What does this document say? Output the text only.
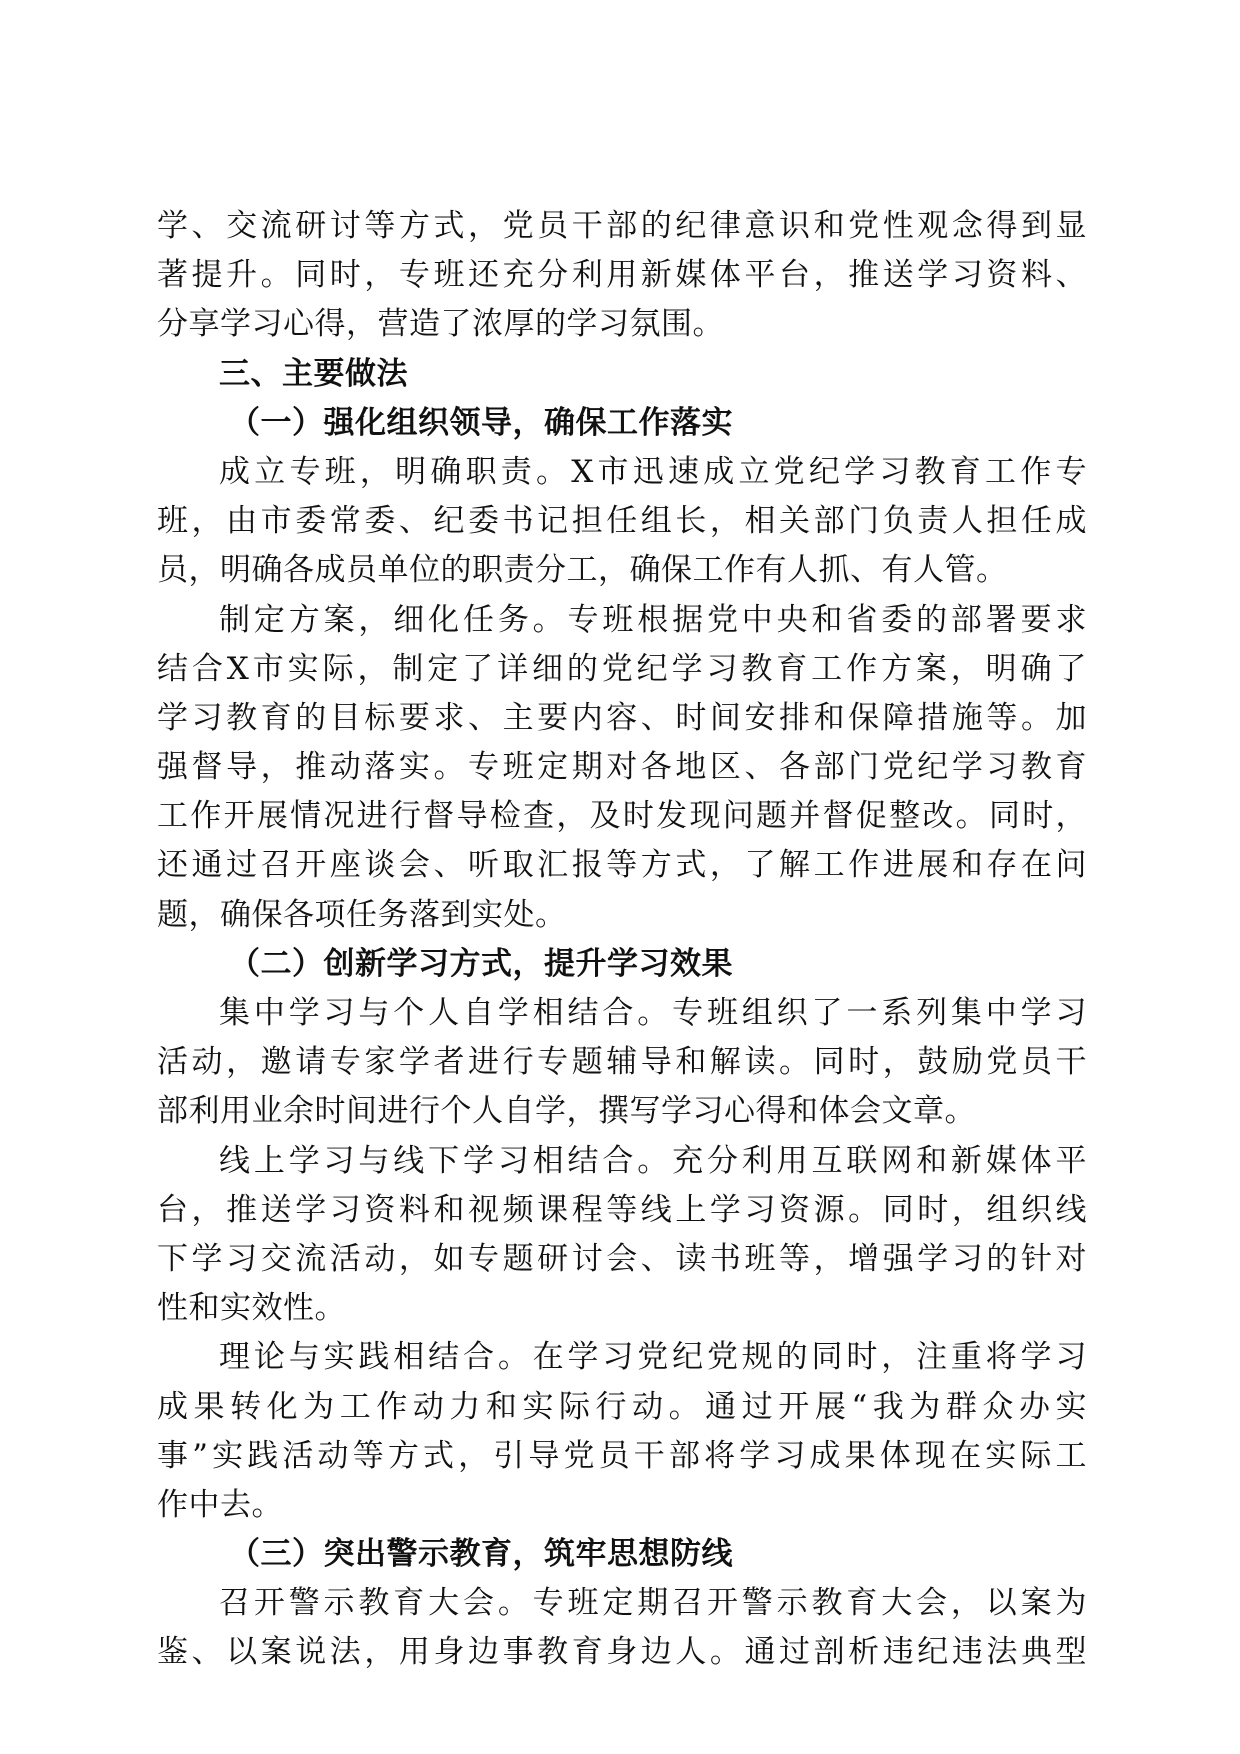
学、交流研讨等方式，党员干部的纪律意识和党性观念得到显
著提升。同时，专班还充分利用新媒体平台，推送学习资料、
分享学习心得，营造了浓厚的学习氛围。
三、主要做法
（一）强化组织领导，确保工作落实
成立专班，明确职责。X市迅速成立党纪学习教育工作专
班，由市委常委、纪委书记担任组长，相关部门负责人担任成
员，明确各成员单位的职责分工，确保工作有人抓、有人管。
制定方案，细化任务。专班根据党中央和省委的部署要求
结合X市实际，制定了详细的党纪学习教育工作方案，明确了
学习教育的目标要求、主要内容、时间安排和保障措施等。加
强督导，推动落实。专班定期对各地区、各部门党纪学习教育
工作开展情况进行督导检查，及时发现问题并督促整改。同时，
还通过召开座谈会、听取汇报等方式，了解工作进展和存在问
题，确保各项任务落到实处。
（二）创新学习方式，提升学习效果
集中学习与个人自学相结合。专班组织了一系列集中学习
活动，邀请专家学者进行专题辅导和解读。同时，鼓励党员干
部利用业余时间进行个人自学，撰写学习心得和体会文章。
线上学习与线下学习相结合。充分利用互联网和新媒体平
台，推送学习资料和视频课程等线上学习资源。同时，组织线
下学习交流活动，如专题研讨会、读书班等，增强学习的针对
性和实效性。
理论与实践相结合。在学习党纪党规的同时，注重将学习
成果转化为工作动力和实际行动。通过开展“我为群众办实
事”实践活动等方式，引导党员干部将学习成果体现在实际工
作中去。
（三）突出警示教育，筑牢思想防线
召开警示教育大会。专班定期召开警示教育大会，以案为
鉴、以案说法，用身边事教育身边人。通过剖析违纪违法典型
